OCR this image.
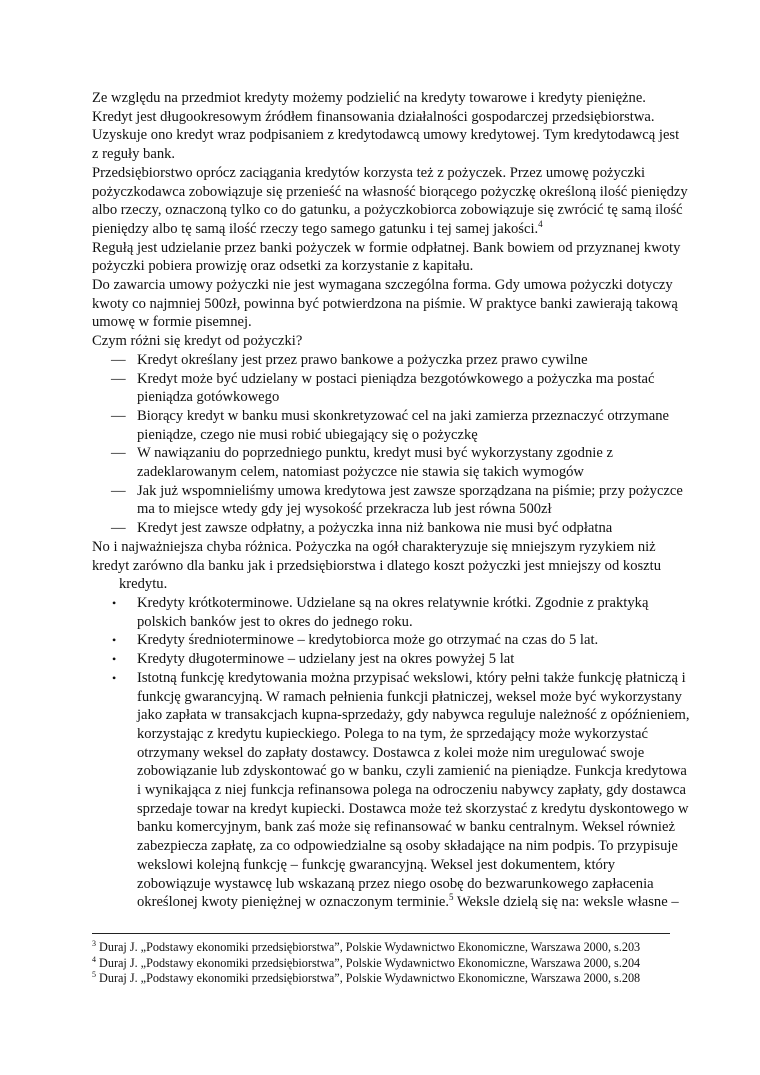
Ze względu na przedmiot kredyty możemy podzielić na kredyty towarowe i kredyty pieniężne.
Kredyt jest długookresowym źródłem finansowania działalności gospodarczej przedsiębiorstwa.
Uzyskuje ono kredyt wraz podpisaniem z kredytodawcą umowy kredytowej. Tym kredytodawcą jest
z reguły bank.
Przedsiębiorstwo oprócz zaciągania kredytów korzysta też z pożyczek. Przez umowę pożyczki
pożyczkodawca zobowiązuje się przenieść na własność biorącego pożyczkę określoną ilość pieniędzy
albo rzeczy, oznaczoną tylko co do gatunku, a pożyczkobiorca zobowiązuje się zwrócić tę samą ilość
pieniędzy albo tę samą ilość rzeczy tego samego gatunku i tej samej jakości.$^4$
Regułą jest udzielanie przez banki pożyczek w formie odpłatnej. Bank bowiem od przyznanej kwoty
pożyczki pobiera prowizję oraz odsetki za korzystanie z kapitału.
Do zawarcia umowy pożyczki nie jest wymagana szczególna forma. Gdy umowa pożyczki dotyczy
kwoty co najmniej 500zł, powinna być potwierdzona na piśmie. W praktyce banki zawierają takową
umowę w formie pisemnej.
Czym różni się kredyt od pożyczki?
— Kredyt określany jest przez prawo bankowe a pożyczka przez prawo cywilne
— Kredyt może być udzielany w postaci pieniądza bezgotówkowego a pożyczka ma postać
pieniądza gotówkowego
— Biorący kredyt w banku musi skonkretyzować cel na jaki zamierza przeznaczyć otrzymane
pieniądze, czego nie musi robić ubiegający się o pożyczkę
— W nawiązaniu do poprzedniego punktu, kredyt musi być wykorzystany zgodnie z
zadeklarowanym celem, natomiast pożyczce nie stawia się takich wymogów
— Jak już wspomnieliśmy umowa kredytowa jest zawsze sporządzana na piśmie; przy pożyczce
ma to miejsce wtedy gdy jej wysokość przekracza lub jest równa 500zł
— Kredyt jest zawsze odpłatny, a pożyczka inna niż bankowa nie musi być odpłatna
No i najważniejsza chyba różnica. Pożyczka na ogół charakteryzuje się mniejszym ryzykiem niż
kredyt zarówno dla banku jak i przedsiębiorstwa i dlatego koszt pożyczki jest mniejszy od kosztu
kredytu.
• Kredyty krótkoterminowe. Udzielane są na okres relatywnie krótki. Zgodnie z praktyką
polskich banków jest to okres do jednego roku.
• Kredyty średnioterminowe – kredytobiorca może go otrzymać na czas do 5 lat.
• Kredyty długoterminowe – udzielany jest na okres powyżej 5 lat
• Istotną funkcję kredytowania można przypisać wekslowi, który pełni także funkcję płatniczą i
funkcję gwarancyjną. W ramach pełnienia funkcji płatniczej, weksel może być wykorzystany
jako zapłata w transakcjach kupna-sprzedaży, gdy nabywca reguluje należność z opóźnieniem,
korzystając z kredytu kupieckiego. Polega to na tym, że sprzedający może wykorzystać
otrzymany weksel do zapłaty dostawcy. Dostawca z kolei może nim uregulować swoje
zobowiązanie lub zdyskontować go w banku, czyli zamienić na pieniądze. Funkcja kredytowa
i wynikająca z niej funkcja refinansowa polega na odroczeniu nabywcy zapłaty, gdy dostawca
sprzedaje towar na kredyt kupiecki. Dostawca może też skorzystać z kredytu dyskontowego w
banku komercyjnym, bank zaś może się refinansować w banku centralnym. Weksel również
zabezpiecza zapłatę, za co odpowiedzialne są osoby składające na nim podpis. To przypisuje
wekslowi kolejną funkcję – funkcję gwarancyjną. Weksel jest dokumentem, który
zobowiązuje wystawcę lub wskazaną przez niego osobę do bezwarunkowego zapłacenia
określonej kwoty pieniężnej w oznaczonym terminie.$^5$ Weksle dzielą się na: weksle własne –
$^3$ Duraj J. „Podstawy ekonomiki przedsiębiorstwa”, Polskie Wydawnictwo Ekonomiczne, Warszawa 2000, s.203
$^4$ Duraj J. „Podstawy ekonomiki przedsiębiorstwa”, Polskie Wydawnictwo Ekonomiczne, Warszawa 2000, s.204
$^5$ Duraj J. „Podstawy ekonomiki przedsiębiorstwa”, Polskie Wydawnictwo Ekonomiczne, Warszawa 2000, s.208
